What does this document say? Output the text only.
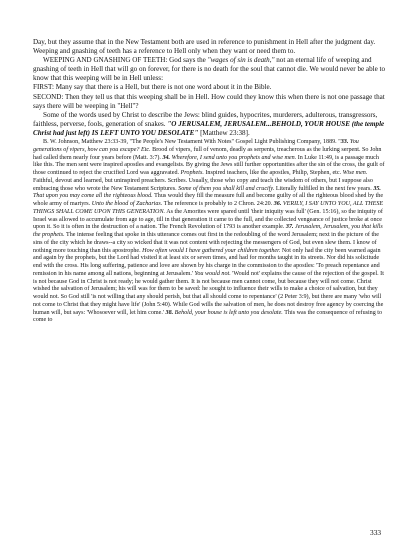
Day, but they assume that in the New Testament both are used in reference to punishment in Hell after the judgment day. Weeping and gnashing of teeth has a reference to Hell only when they want or need them to.

WEEPING AND GNASHING OF TEETH: God says the "wages of sin is death," not an eternal life of weeping and gnashing of teeth in Hell that will go on forever, for there is no death for the soul that cannot die. We would never be able to know that this weeping will be in Hell unless:

FIRST: Many say that there is a Hell, but there is not one word about it in the Bible.

SECOND: Then they tell us that this weeping shall be in Hell. How could they know this when there is not one passage that says there will be weeping in "Hell"?

Some of the words used by Christ to describe the Jews: blind guides, hypocrites, murderers, adulterous, transgressors, faithless, perverse, fools, generation of snakes. "O JERUSALEM, JERUSALEM...BEHOLD, YOUR HOUSE (the temple Christ had just left) IS LEFT UNTO YOU DESOLATE" [Matthew 23:38].

B. W. Johnson, Matthew 23:33-39, "The People's New Testament With Notes" Gospel Light Publishing Company, 1889. "33. You generations of vipers, how can you escape? Etc. Brood of vipers, full of venom, deadly as serpents, treacherous as the lurking serpent. So John had called them nearly four years before (Matt. 3:7). 34. Wherefore, I send unto you prophets and wise men. In Luke 11:49, is a passage much like this. The men sent were inspired apostles and evangelists. By giving the Jews still further opportunities after the sin of the cross, the guilt of those continued to reject the crucified Lord was aggravated. Prophets. Inspired teachers, like the apostles, Philip, Stephen, etc. Wise men. Faithful, devout and learned, but uninspired preachers. Scribes. Usually, those who copy and teach the wisdom of others, but I suppose also embracing those who wrote the New Testament Scriptures. Some of them you shall kill and crucify. Literally fulfilled in the next few years. 35. That upon you may come all the righteous blood. Thus would they fill the measure full and become guilty of all the righteous blood shed by the whole army of martyrs. Unto the blood of Zacharias. The reference is probably to 2 Chron. 24:20. 36. VERILY, I SAY UNTO YOU, ALL THESE THINGS SHALL COME UPON THIS GENERATION. As the Amorites were spared until 'their iniquity was full' (Gen. 15:16), so the iniquity of Israel was allowed to accumulate from age to age, till in that generation it came to the full, and the collected vengeance of justice broke at once upon it. So it is often in the destruction of a nation. The French Revolution of 1793 is another example. 37. Jerusalem, Jerusalem, you that kills the prophets. The intense feeling that spoke in this utterance comes out first in the redoubling of the word Jerusalem; next in the picture of the sins of the city which he draws--a city so wicked that it was not content with rejecting the messengers of God, but even slew them. I know of nothing more touching than this apostrophe. How often would I have gathered your children together. Not only had the city been warned again and again by the prophets, but the Lord had visited it at least six or seven times, and had for months taught in its streets. Nor did his solicitude end with the cross. His long suffering, patience and love are shown by his charge in the commission to the apostles: 'To preach repentance and remission in his name among all nations, beginning at Jerusalem.' You would not. 'Would not' explains the cause of the rejection of the gospel. It is not because God in Christ is not ready; he would gather them. It is not because men cannot come, but because they will not come. Christ wished the salvation of Jerusalem; his will was for them to be saved: he sought to influence their wills to make a choice of salvation, but they would not. So God still 'is not willing that any should perish, but that all should come to repentance' (2 Peter 3:9), but there are many 'who will not come to Christ that they might have life' (John 5:40). While God wills the salvation of men, he does not destroy free agency by coercing the human will, but says: 'Whosoever will, let him come.' 38. Behold, your house is left unto you desolate. This was the consequence of refusing to come to
333
